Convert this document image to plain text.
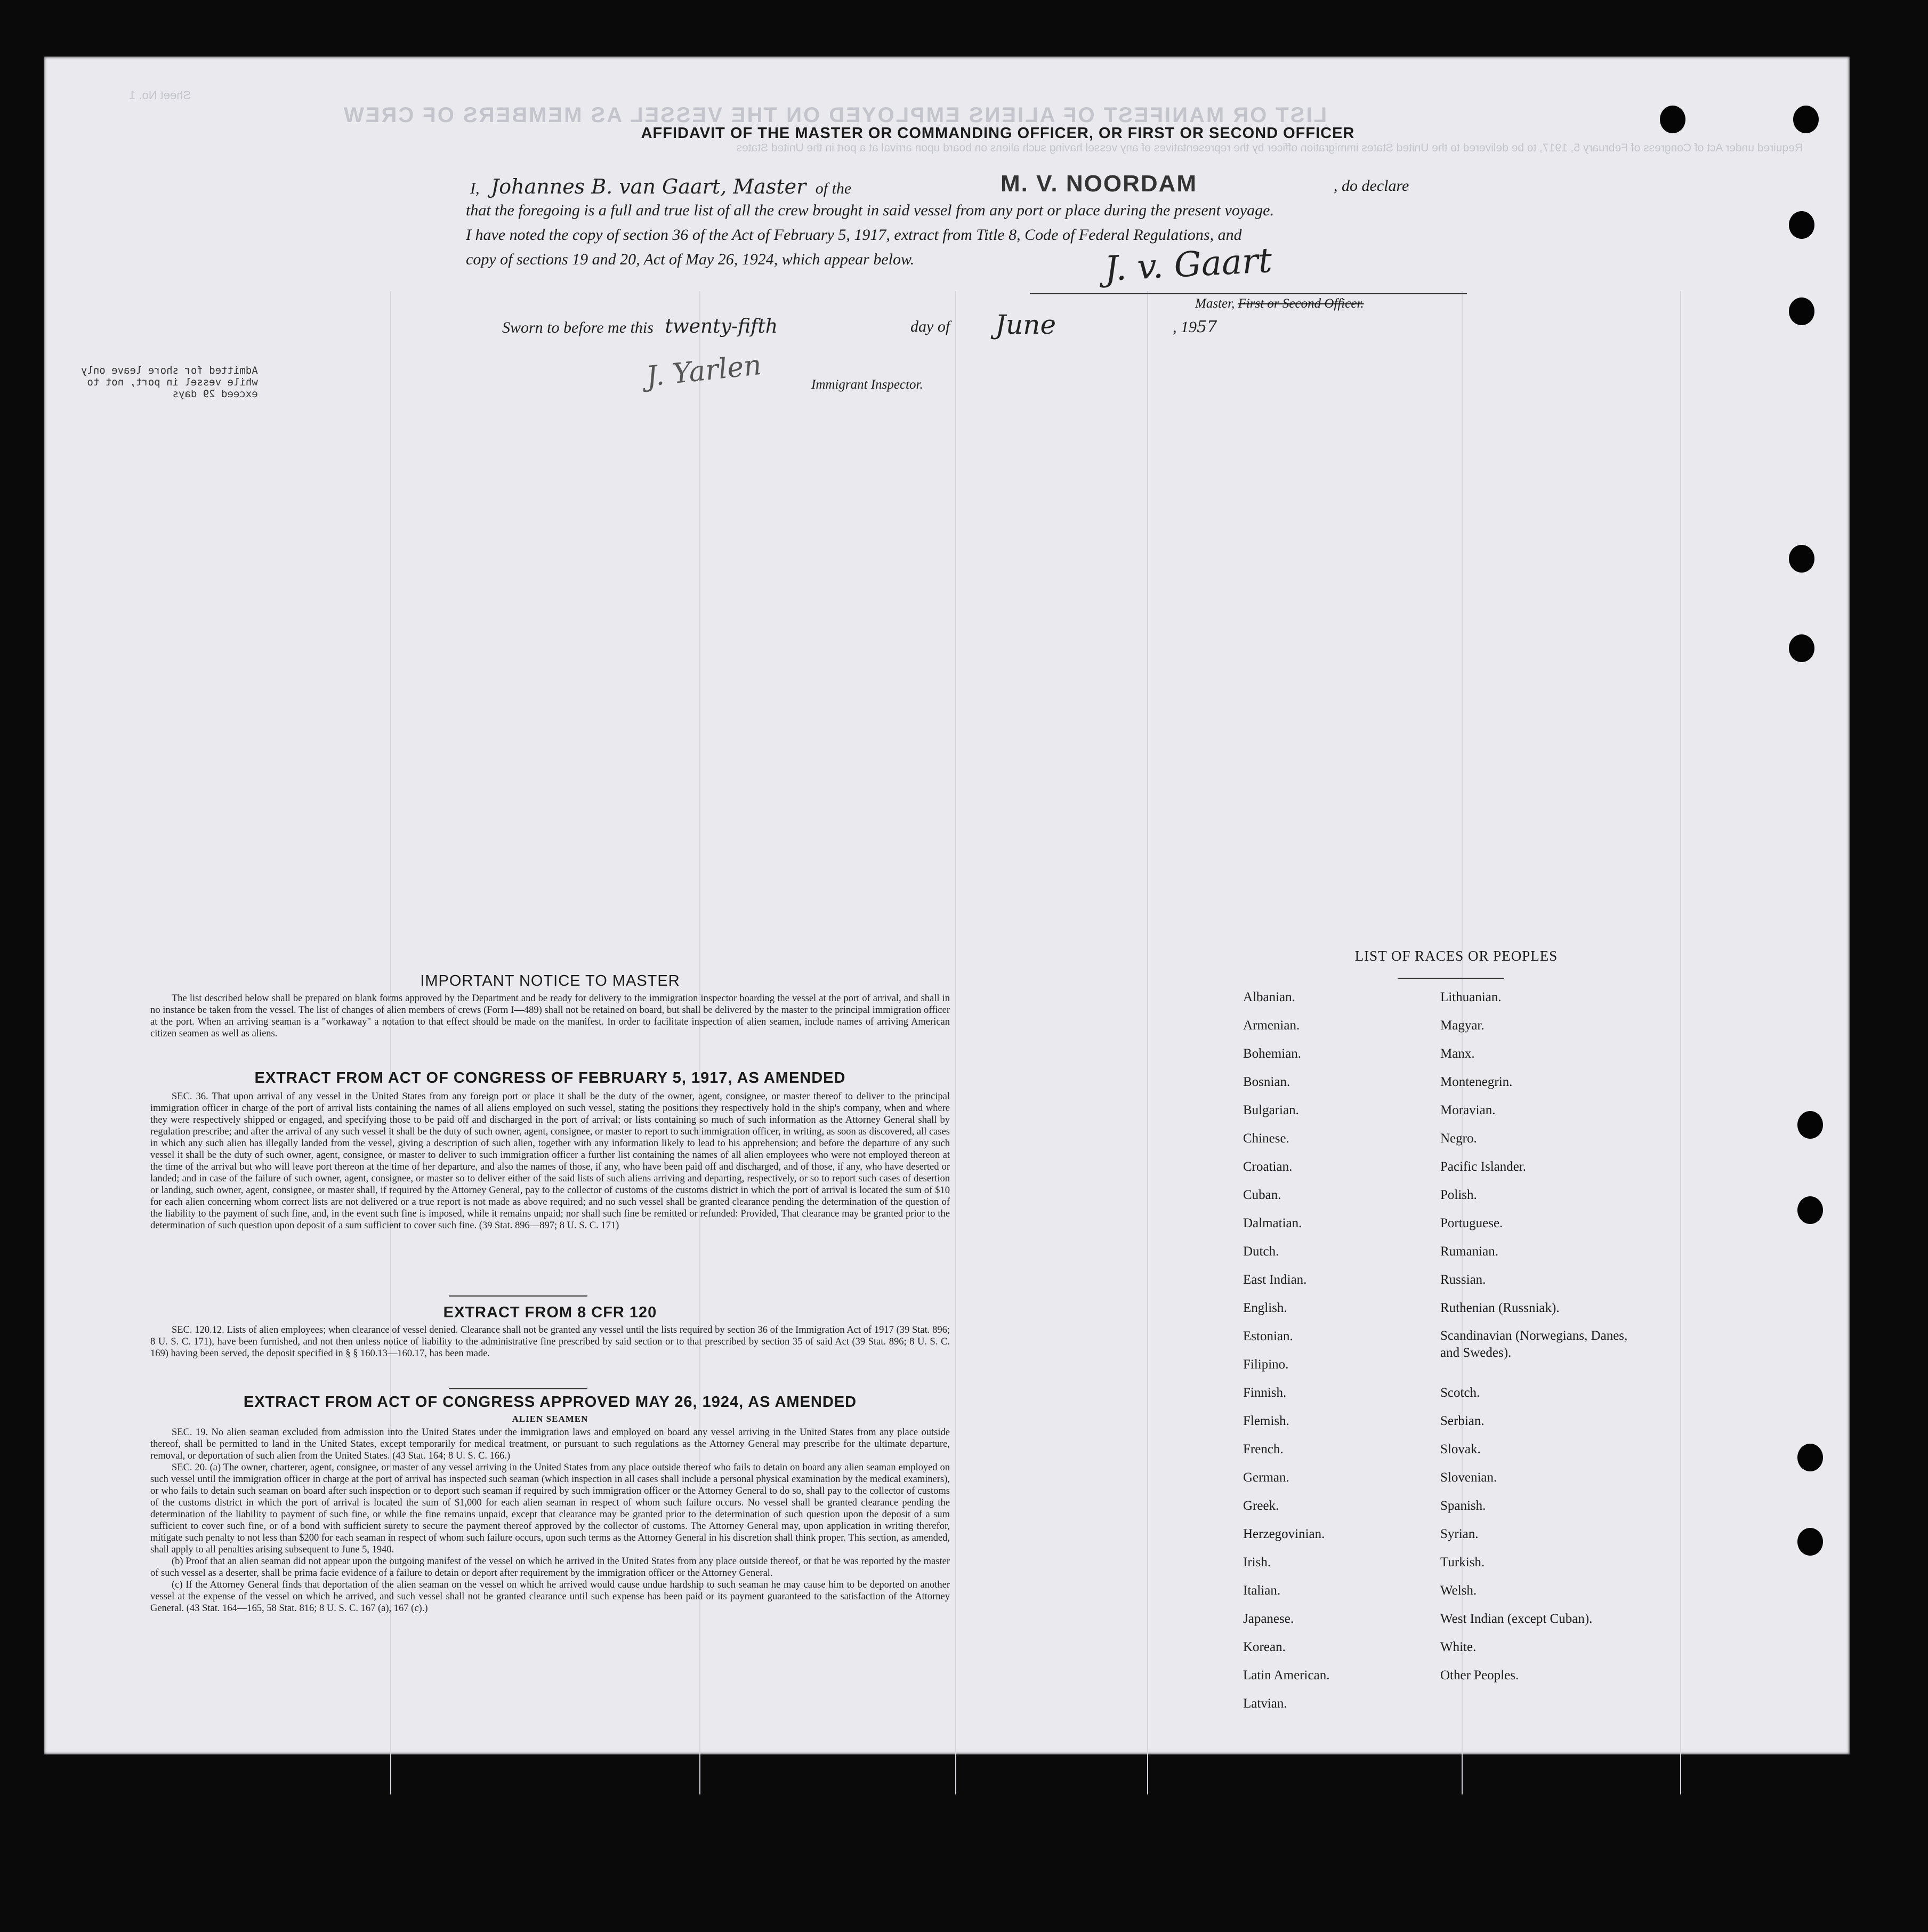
LIST OR MANIFEST OF ALIENS EMPLOYED ON THE VESSEL AS MEMBERS OF CREW
Required under Act of Congress of February 5, 1917, to be delivered to the United States immigration officer by the representatives of any vessel having such aliens on board upon arrival at a port in the United States
Sheet No. 1
AFFIDAVIT OF THE MASTER OR COMMANDING OFFICER, OR FIRST OR SECOND OFFICER
I, Johannes B. van Gaart, Master of the	M. V. NOORDAM	, do declare
that the foregoing is a full and true list of all the crew brought in said vessel from any port or place during the present voyage.
I have noted the copy of section 36 of the Act of February 5, 1917, extract from Title 8, Code of Federal Regulations, and
copy of sections 19 and 20, Act of May 26, 1924, which appear below.	J. v. Gaart
Master, First or Second Officer.
Sworn to before me this twenty-fifth	day of June	, 1957
J. Yarlen	Immigrant Inspector.
Admitted for shore leave only
while vessel in port, not to
exceed 29 days
IMPORTANT NOTICE TO MASTER
The list described below shall be prepared on blank forms approved by the Department and be ready for delivery to the immigration inspector boarding the vessel at the port of arrival, and shall in no instance be taken from the vessel. The list of changes of alien members of crews (Form I—489) shall not be retained on board, but shall be delivered by the master to the principal immigration officer at the port. When an arriving seaman is a "workaway" a notation to that effect should be made on the manifest. In order to facilitate inspection of alien seamen, include names of arriving American citizen seamen as well as aliens.
EXTRACT FROM ACT OF CONGRESS OF FEBRUARY 5, 1917, AS AMENDED
SEC. 36. That upon arrival of any vessel in the United States from any foreign port or place it shall be the duty of the owner, agent, consignee, or master thereof to deliver to the principal immigration officer in charge of the port of arrival lists containing the names of all aliens employed on such vessel, stating the positions they respectively hold in the ship's company, when and where they were respectively shipped or engaged, and specifying those to be paid off and discharged in the port of arrival; or lists containing so much of such information as the Attorney General shall by regulation prescribe; and after the arrival of any such vessel it shall be the duty of such owner, agent, consignee, or master to report to such immigration officer, in writing, as soon as discovered, all cases in which any such alien has illegally landed from the vessel, giving a description of such alien, together with any information likely to lead to his apprehension; and before the departure of any such vessel it shall be the duty of such owner, agent, consignee, or master to deliver to such immigration officer a further list containing the names of all alien employees who were not employed thereon at the time of the arrival but who will leave port thereon at the time of her departure, and also the names of those, if any, who have been paid off and discharged, and of those, if any, who have deserted or landed; and in case of the failure of such owner, agent, consignee, or master so to deliver either of the said lists of such aliens arriving and departing, respectively, or so to report such cases of desertion or landing, such owner, agent, consignee, or master shall, if required by the Attorney General, pay to the collector of customs of the customs district in which the port of arrival is located the sum of $10 for each alien concerning whom correct lists are not delivered or a true report is not made as above required; and no such vessel shall be granted clearance pending the determination of the question of the liability to the payment of such fine, and, in the event such fine is imposed, while it remains unpaid; nor shall such fine be remitted or refunded: Provided, That clearance may be granted prior to the determination of such question upon deposit of a sum sufficient to cover such fine. (39 Stat. 896—897; 8 U. S. C. 171)
EXTRACT FROM 8 CFR 120
SEC. 120.12. Lists of alien employees; when clearance of vessel denied. Clearance shall not be granted any vessel until the lists required by section 36 of the Immigration Act of 1917 (39 Stat. 896; 8 U. S. C. 171), have been furnished, and not then unless notice of liability to the administrative fine prescribed by said section or to that prescribed by section 35 of said Act (39 Stat. 896; 8 U. S. C. 169) having been served, the deposit specified in § § 160.13—160.17, has been made.
EXTRACT FROM ACT OF CONGRESS APPROVED MAY 26, 1924, AS AMENDED
ALIEN SEAMEN
SEC. 19. No alien seaman excluded from admission into the United States under the immigration laws and employed on board any vessel arriving in the United States from any place outside thereof, shall be permitted to land in the United States, except temporarily for medical treatment, or pursuant to such regulations as the Attorney General may prescribe for the ultimate departure, removal, or deportation of such alien from the United States. (43 Stat. 164; 8 U. S. C. 166.)
SEC. 20. (a) The owner, charterer, agent, consignee, or master of any vessel arriving in the United States from any place outside thereof who fails to detain on board any alien seaman employed on such vessel until the immigration officer in charge at the port of arrival has inspected such seaman (which inspection in all cases shall include a personal physical examination by the medical examiners), or who fails to detain such seaman on board after such inspection or to deport such seaman if required by such immigration officer or the Attorney General to do so, shall pay to the collector of customs of the customs district in which the port of arrival is located the sum of $1,000 for each alien seaman in respect of whom such failure occurs. No vessel shall be granted clearance pending the determination of the liability to payment of such fine, or while the fine remains unpaid, except that clearance may be granted prior to the determination of such question upon the deposit of a sum sufficient to cover such fine, or of a bond with sufficient surety to secure the payment thereof approved by the collector of customs. The Attorney General may, upon application in writing therefor, mitigate such penalty to not less than $200 for each seaman in respect of whom such failure occurs, upon such terms as the Attorney General in his discretion shall think proper. This section, as amended, shall apply to all penalties arising subsequent to June 5, 1940.
(b) Proof that an alien seaman did not appear upon the outgoing manifest of the vessel on which he arrived in the United States from any place outside thereof, or that he was reported by the master of such vessel as a deserter, shall be prima facie evidence of a failure to detain or deport after requirement by the immigration officer or the Attorney General.
(c) If the Attorney General finds that deportation of the alien seaman on the vessel on which he arrived would cause undue hardship to such seaman he may cause him to be deported on another vessel at the expense of the vessel on which he arrived, and such vessel shall not be granted clearance until such expense has been paid or its payment guaranteed to the satisfaction of the Attorney General. (43 Stat. 164—165, 58 Stat. 816; 8 U. S. C. 167 (a), 167 (c).)
LIST OF RACES OR PEOPLES
Albanian.
Armenian.
Bohemian.
Bosnian.
Bulgarian.
Chinese.
Croatian.
Cuban.
Dalmatian.
Dutch.
East Indian.
English.
Estonian.
Filipino.
Finnish.
Flemish.
French.
German.
Greek.
Herzegovinian.
Irish.
Italian.
Japanese.
Korean.
Latin American.
Latvian.
Lithuanian.
Magyar.
Manx.
Montenegrin.
Moravian.
Negro.
Pacific Islander.
Polish.
Portuguese.
Rumanian.
Russian.
Ruthenian (Russniak).
Scandinavian (Norwegians, Danes, and Swedes).
Scotch.
Serbian.
Slovak.
Slovenian.
Spanish.
Syrian.
Turkish.
Welsh.
West Indian (except Cuban).
White.
Other Peoples.
